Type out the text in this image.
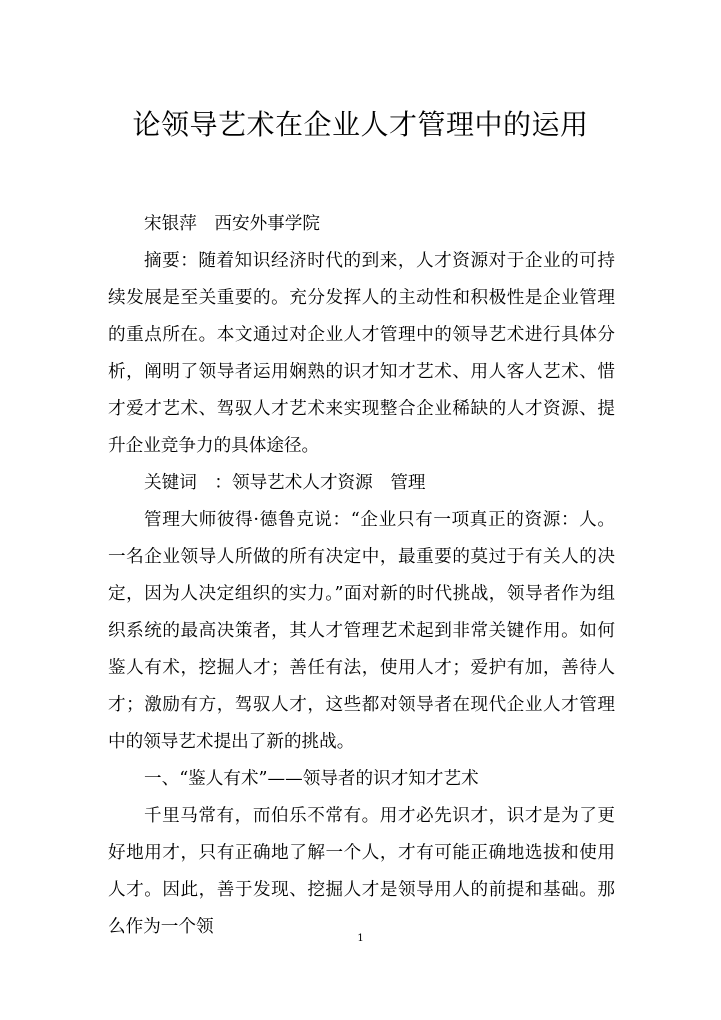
论领导艺术在企业人才管理中的运用

宋银萍　西安外事学院

摘要：随着知识经济时代的到来，人才资源对于企业的可持续发展是至关重要的。充分发挥人的主动性和积极性是企业管理的重点所在。本文通过对企业人才管理中的领导艺术进行具体分析，阐明了领导者运用娴熟的识才知才艺术、用人客人艺术、惜才爱才艺术、驾驭人才艺术来实现整合企业稀缺的人才资源、提升企业竞争力的具体途径。

关键词　：领导艺术人才资源　管理

管理大师彼得·德鲁克说：“企业只有一项真正的资源：人。一名企业领导人所做的所有决定中，最重要的莫过于有关人的决定，因为人决定组织的实力。”面对新的时代挑战，领导者作为组织系统的最高决策者，其人才管理艺术起到非常关键作用。如何鉴人有术，挖掘人才；善任有法，使用人才；爱护有加，善待人才；激励有方，驾驭人才，这些都对领导者在现代企业人才管理中的领导艺术提出了新的挑战。

一、“鉴人有术”——领导者的识才知才艺术

千里马常有，而伯乐不常有。用才必先识才，识才是为了更好地用才，只有正确地了解一个人，才有可能正确地选拔和使用人才。因此，善于发现、挖掘人才是领导用人的前提和基础。那么作为一个领

1
